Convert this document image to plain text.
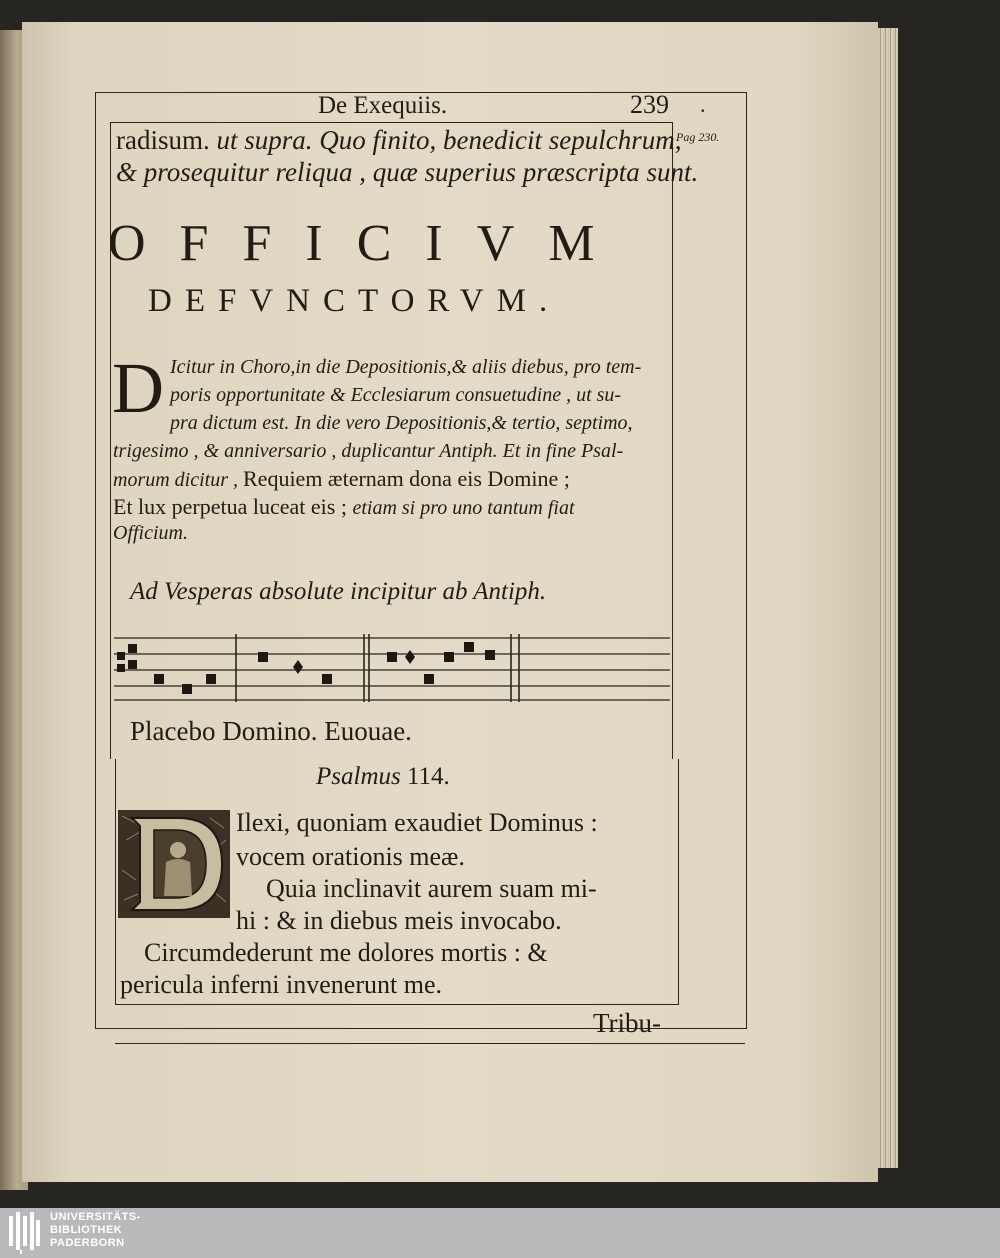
De Exequiis.	239 .
Pag 230.
radisum. ut supra. Quo finito, benedicit sepulchrum,
& prosequitur reliqua , quæ superius præscripta sunt.
OFFICIVM
DEFVNCTORVM.
D Icitur in Choro,in die Depositionis,& aliis diebus, pro tem-
poris opportunitate & Ecclesiarum consuetudine , ut su-
pra dictum est. In die vero Depositionis,& tertio, septimo,
trigesimo , & anniversario , duplicantur Antiph. Et in fine Psal-
morum dicitur , Requiem æternam dona eis Domine ;
Et lux perpetua luceat eis ; etiam si pro uno tantum fiat
Officium.
Ad Vesperas absolute incipitur ab Antiph.
Placebo Domino. Euouae.
Psalmus 114.
Ilexi, quoniam exaudiet Dominus :
vocem orationis meæ.
Quia inclinavit aurem suam mi-
hi : & in diebus meis invocabo.
Circumdederunt me dolores mortis : &
pericula inferni invenerunt me.
Tribu-
UNIVERSITÄTS-
BIBLIOTHEK
PADERBORN
